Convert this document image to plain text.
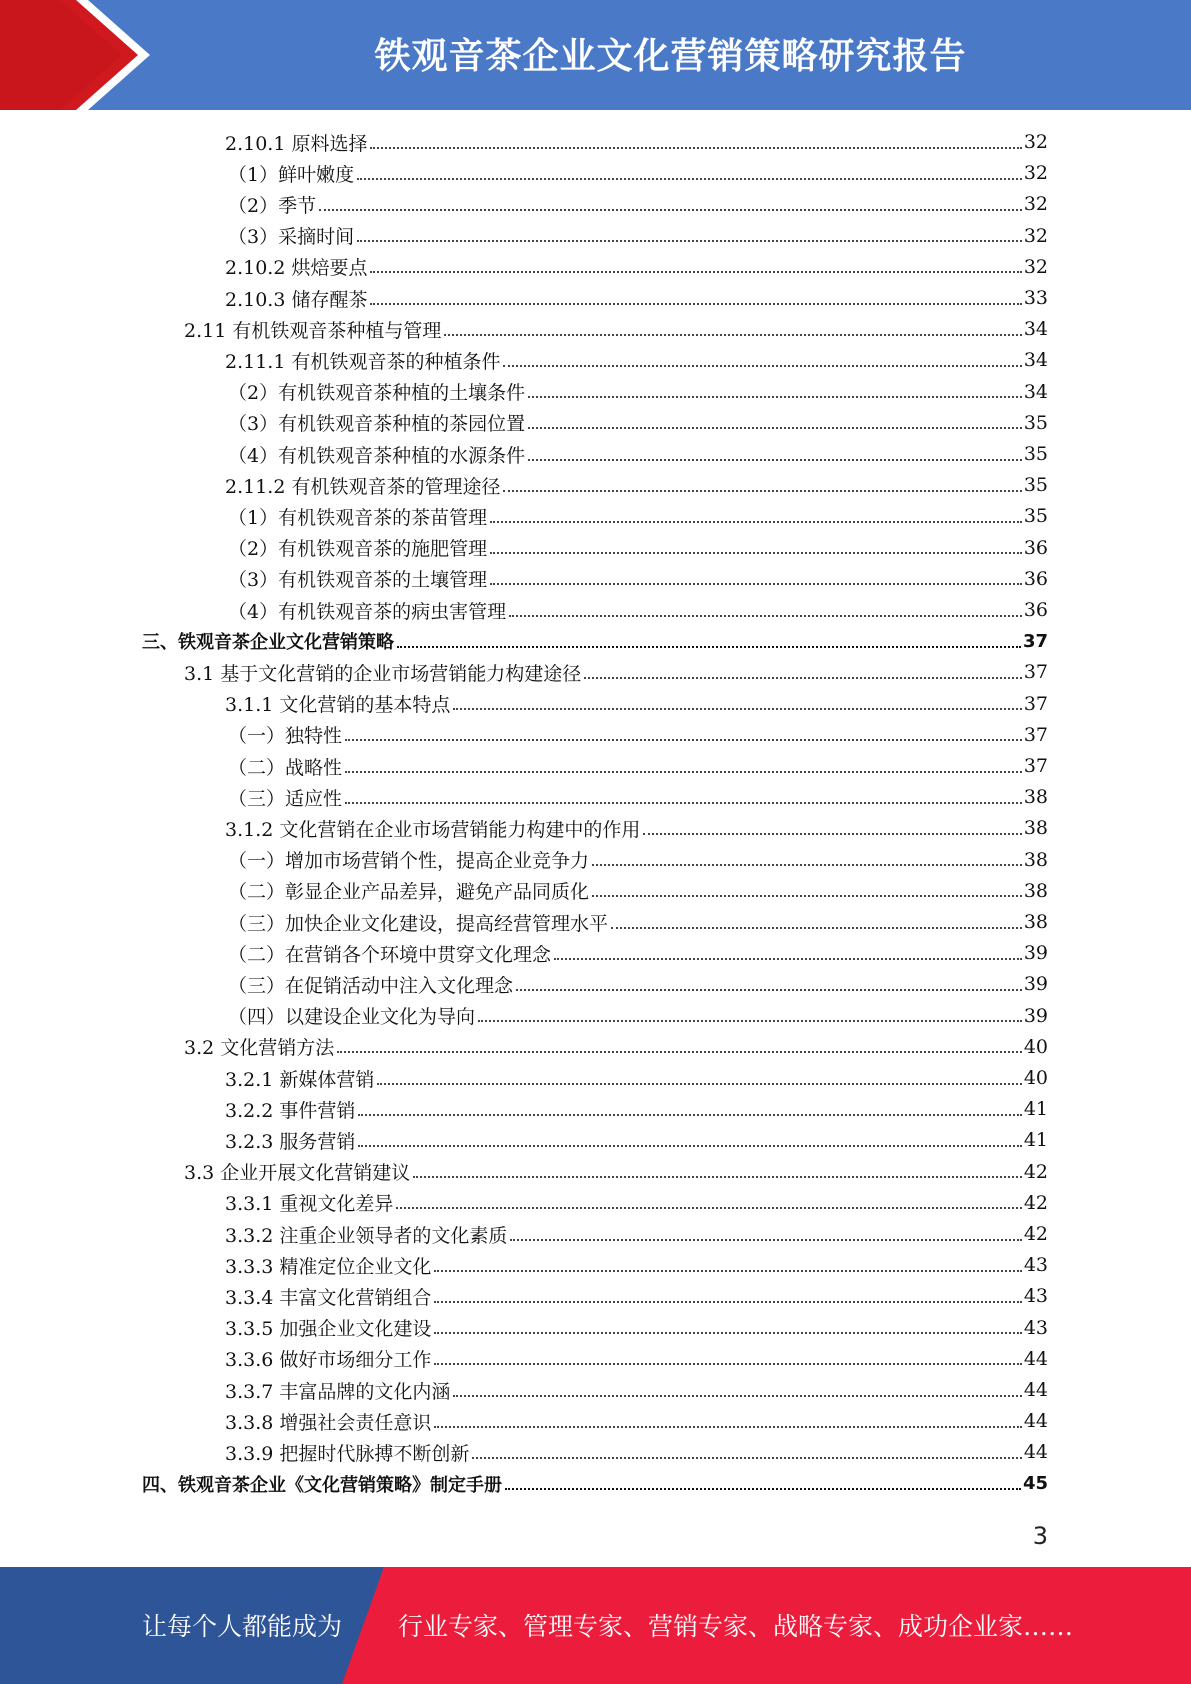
铁观音茶企业文化营销策略研究报告
2.10.1 原料选择	32
（1）鲜叶嫩度	32
（2）季节	32
（3）采摘时间	32
2.10.2 烘焙要点	32
2.10.3 储存醒茶	33
2.11 有机铁观音茶种植与管理	34
2.11.1 有机铁观音茶的种植条件	34
（2）有机铁观音茶种植的土壤条件	34
（3）有机铁观音茶种植的茶园位置	35
（4）有机铁观音茶种植的水源条件	35
2.11.2 有机铁观音茶的管理途径	35
（1）有机铁观音茶的茶苗管理	35
（2）有机铁观音茶的施肥管理	36
（3）有机铁观音茶的土壤管理	36
（4）有机铁观音茶的病虫害管理	36
三、铁观音茶企业文化营销策略	37
3.1 基于文化营销的企业市场营销能力构建途径	37
3.1.1 文化营销的基本特点	37
（一）独特性	37
（二）战略性	37
（三）适应性	38
3.1.2 文化营销在企业市场营销能力构建中的作用	38
（一）增加市场营销个性，提高企业竞争力	38
（二）彰显企业产品差异，避免产品同质化	38
（三）加快企业文化建设，提高经营管理水平	38
（二）在营销各个环境中贯穿文化理念	39
（三）在促销活动中注入文化理念	39
（四）以建设企业文化为导向	39
3.2 文化营销方法	40
3.2.1 新媒体营销	40
3.2.2 事件营销	41
3.2.3 服务营销	41
3.3 企业开展文化营销建议	42
3.3.1 重视文化差异	42
3.3.2 注重企业领导者的文化素质	42
3.3.3 精准定位企业文化	43
3.3.4 丰富文化营销组合	43
3.3.5 加强企业文化建设	43
3.3.6 做好市场细分工作	44
3.3.7 丰富品牌的文化内涵	44
3.3.8 增强社会责任意识	44
3.3.9 把握时代脉搏不断创新	44
四、铁观音茶企业《文化营销策略》制定手册	45
3
让每个人都能成为 行业专家、管理专家、营销专家、战略专家、成功企业家……
